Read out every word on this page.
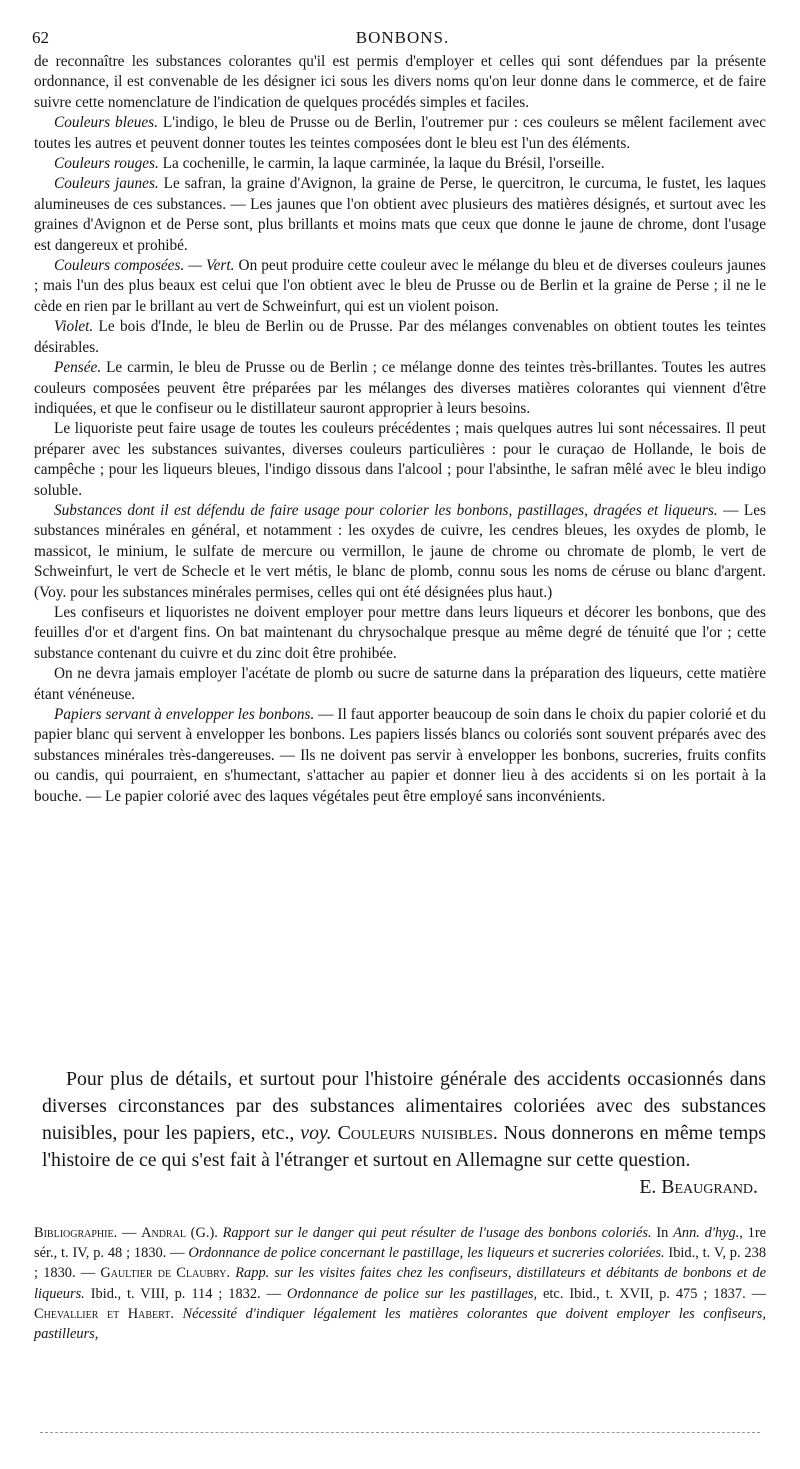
62	BONBONS.

de reconnaître les substances colorantes qu'il est permis d'employer et celles qui sont défendues par la présente ordonnance, il est convenable de les désigner ici sous les divers noms qu'on leur donne dans le commerce, et de faire suivre cette nomenclature de l'indication de quelques procédés simples et faciles.

Couleurs bleues. L'indigo, le bleu de Prusse ou de Berlin, l'outremer pur : ces couleurs se mêlent facilement avec toutes les autres et peuvent donner toutes les teintes composées dont le bleu est l'un des éléments.

Couleurs rouges. La cochenille, le carmin, la laque carminée, la laque du Brésil, l'orseille.

Couleurs jaunes. Le safran, la graine d'Avignon, la graine de Perse, le quercitron, le curcuma, le fustet, les laques alumineuses de ces substances. — Les jaunes que l'on obtient avec plusieurs des matières désignés, et surtout avec les graines d'Avignon et de Perse sont, plus brillants et moins mats que ceux que donne le jaune de chrome, dont l'usage est dangereux et prohibé.

Couleurs composées. — Vert. On peut produire cette couleur avec le mélange du bleu et de diverses couleurs jaunes ; mais l'un des plus beaux est celui que l'on obtient avec le bleu de Prusse ou de Berlin et la graine de Perse ; il ne le cède en rien par le brillant au vert de Schweinfurt, qui est un violent poison.

Violet. Le bois d'Inde, le bleu de Berlin ou de Prusse. Par des mélanges convenables on obtient toutes les teintes désirables.

Pensée. Le carmin, le bleu de Prusse ou de Berlin ; ce mélange donne des teintes très-brillantes. Toutes les autres couleurs composées peuvent être préparées par les mélanges des diverses matières colorantes qui viennent d'être indiquées, et que le confiseur ou le distillateur sauront approprier à leurs besoins.

Le liquoriste peut faire usage de toutes les couleurs précédentes ; mais quelques autres lui sont nécessaires. Il peut préparer avec les substances suivantes, diverses couleurs particulières : pour le curaçao de Hollande, le bois de campêche ; pour les liqueurs bleues, l'indigo dissous dans l'alcool ; pour l'absinthe, le safran mêlé avec le bleu indigo soluble.

Substances dont il est défendu de faire usage pour colorier les bonbons, pastillages, dragées et liqueurs. — Les substances minérales en général, et notamment : les oxydes de cuivre, les cendres bleues, les oxydes de plomb, le massicot, le minium, le sulfate de mercure ou vermillon, le jaune de chrome ou chromate de plomb, le vert de Schweinfurt, le vert de Schecle et le vert métis, le blanc de plomb, connu sous les noms de céruse ou blanc d'argent. (Voy. pour les substances minérales permises, celles qui ont été désignées plus haut.)

Les confiseurs et liquoristes ne doivent employer pour mettre dans leurs liqueurs et décorer les bonbons, que des feuilles d'or et d'argent fins. On bat maintenant du chrysochalque presque au même degré de ténuité que l'or ; cette substance contenant du cuivre et du zinc doit être prohibée.

On ne devra jamais employer l'acétate de plomb ou sucre de saturne dans la préparation des liqueurs, cette matière étant vénéneuse.

Papiers servant à envelopper les bonbons. — Il faut apporter beaucoup de soin dans le choix du papier colorié et du papier blanc qui servent à envelopper les bonbons. Les papiers lissés blancs ou coloriés sont souvent préparés avec des substances minérales très-dangereuses. — Ils ne doivent pas servir à envelopper les bonbons, sucreries, fruits confits ou candis, qui pourraient, en s'humectant, s'attacher au papier et donner lieu à des accidents si on les portait à la bouche. — Le papier colorié avec des laques végétales peut être employé sans inconvénients.

Pour plus de détails, et surtout pour l'histoire générale des accidents occasionnés dans diverses circonstances par des substances alimentaires coloriées avec des substances nuisibles, pour les papiers, etc., voy. Couleurs nuisibles. Nous donnerons en même temps l'histoire de ce qui s'est fait à l'étranger et surtout en Allemagne sur cette question.
E. Beaugrand.

Bibliographie. — Andral (G.). Rapport sur le danger qui peut résulter de l'usage des bonbons coloriés. In Ann. d'hyg., 1re sér., t. IV, p. 48 ; 1830. — Ordonnance de police concernant le pastillage, les liqueurs et sucreries coloriées. Ibid., t. V, p. 238 ; 1830. — Gaultier de Claubry. Rapp. sur les visites faites chez les confiseurs, distillateurs et débitants de bonbons et de liqueurs. Ibid., t. VIII, p. 114 ; 1832. — Ordonnance de police sur les pastillages, etc. Ibid., t. XVII, p. 475 ; 1837. — Chevallier et Habert. Nécessité d'indiquer légalement les matières colorantes que doivent employer les confiseurs, pastilleurs,
